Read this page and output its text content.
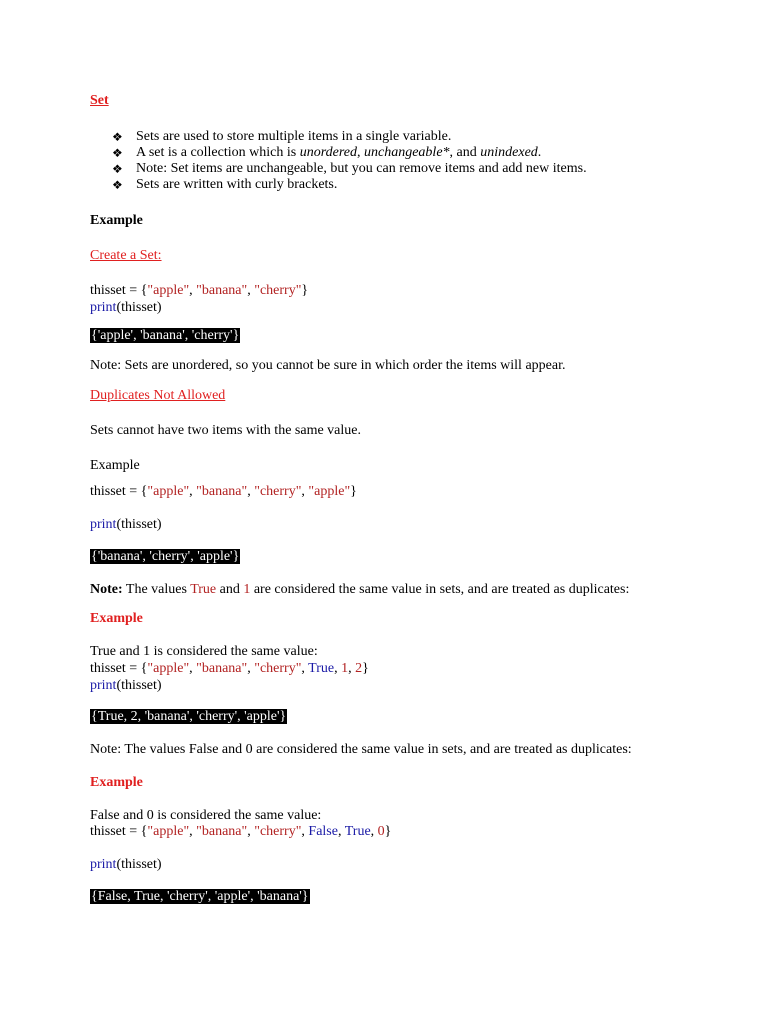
Set
❖ Sets are used to store multiple items in a single variable.
❖ A set is a collection which is unordered, unchangeable*, and unindexed.
❖ Note: Set items are unchangeable, but you can remove items and add new items.
❖ Sets are written with curly brackets.
Example
Create a Set:
thisset = {"apple", "banana", "cherry"}
print(thisset)
{'apple', 'banana', 'cherry'}
Note: Sets are unordered, so you cannot be sure in which order the items will appear.
Duplicates Not Allowed
Sets cannot have two items with the same value.
Example
thisset = {"apple", "banana", "cherry", "apple"}
print(thisset)
{'banana', 'cherry', 'apple'}
Note: The values True and 1 are considered the same value in sets, and are treated as duplicates:
Example
True and 1 is considered the same value:
thisset = {"apple", "banana", "cherry", True, 1, 2}
print(thisset)
{True, 2, 'banana', 'cherry', 'apple'}
Note: The values False and 0 are considered the same value in sets, and are treated as duplicates:
Example
False and 0 is considered the same value:
thisset = {"apple", "banana", "cherry", False, True, 0}
print(thisset)
{False, True, 'cherry', 'apple', 'banana'}
